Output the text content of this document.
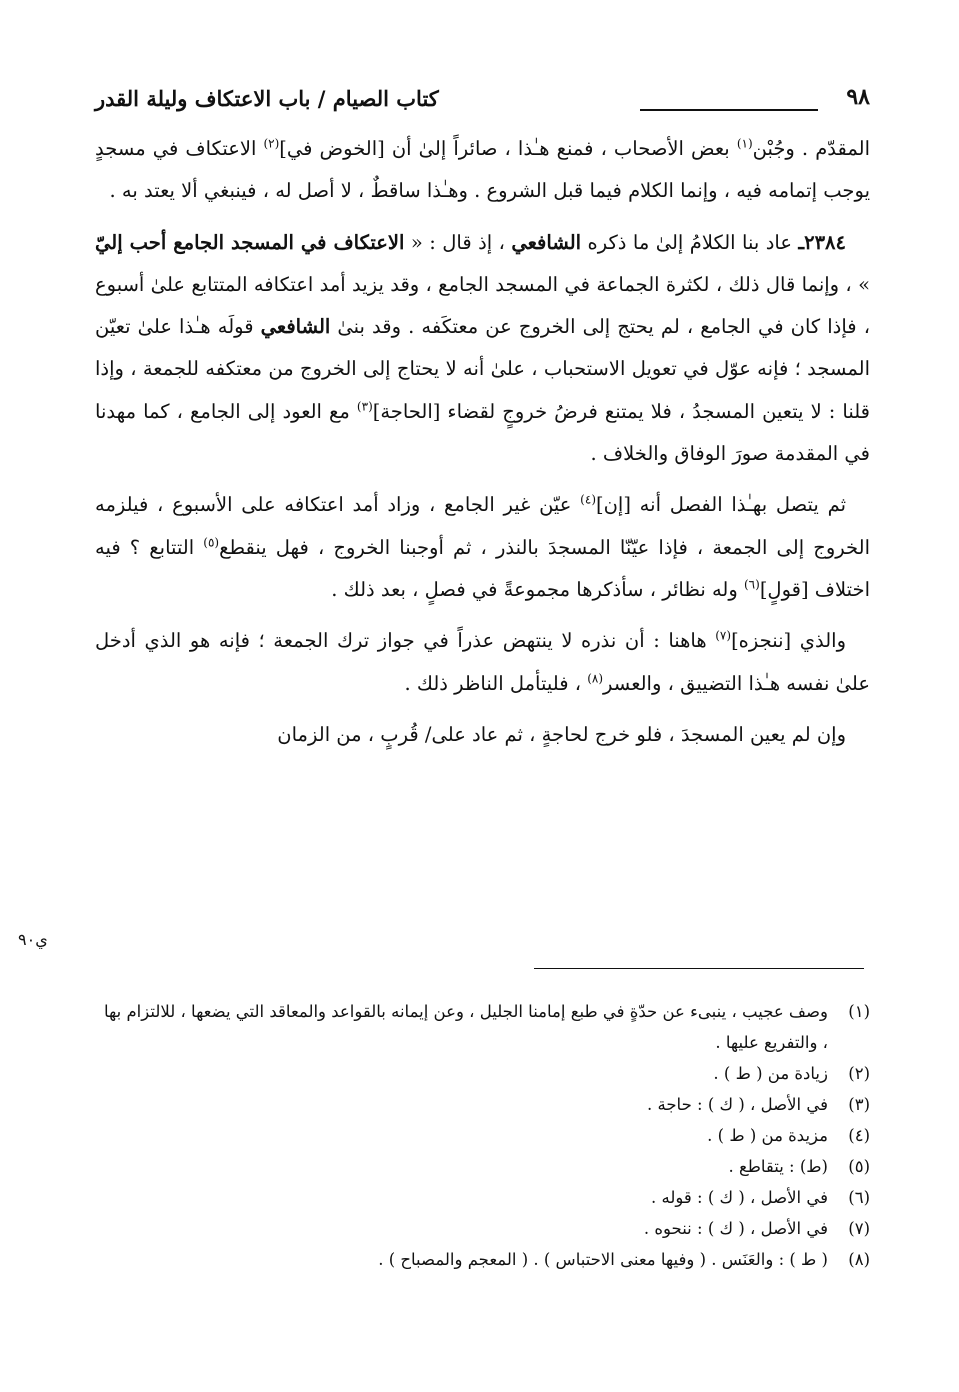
٩٨
كتاب الصيام / باب الاعتكاف وليلة القدر

المقدّم . وجُبْن$^{(١)}$ بعض الأصحاب ، فمنع هـٰذا ، صائراً إلىٰ أن [الخوض في]$^{(٢)}$ الاعتكاف في مسجدٍ يوجب إتمامه فيه ، وإنما الكلام فيما قبل الشروع . وهـٰذا ساقطٌ ، لا أصل له ، فينبغي ألا يعتد به .

٢٣٨٤ـ عاد بنا الكلامُ إلىٰ ما ذكره الشافعي ، إذ قال : « الاعتكاف في المسجد الجامع أحب إليّ » ، وإنما قال ذلك ، لكثرة الجماعة في المسجد الجامع ، وقد يزيد أمد اعتكافه المتتابع علىٰ أسبوع ، فإذا كان في الجامع ، لم يحتج إلى الخروج عن معتكَفه . وقد بنىٰ الشافعي قولَه هـٰذا علىٰ تعيّن المسجد ؛ فإنه عوّل في تعويل الاستحباب ، علىٰ أنه لا يحتاج إلى الخروج من معتكفه للجمعة ، وإذا قلنا : لا يتعين المسجدُ ، فلا يمتنع فرضُ خروجٍ لقضاء [الحاجة]$^{(٣)}$ مع العود إلى الجامع ، كما مهدنا في المقدمة صورَ الوفاق والخلاف .

ثم يتصل بهـٰذا الفصل أنه [إن]$^{(٤)}$ عيّن غير الجامع ، وزاد أمد اعتكافه على الأسبوع ، فيلزمه الخروج إلى الجمعة ، فإذا عيّنّا المسجدَ بالنذر ، ثم أوجبنا الخروج ، فهل ينقطع$^{(٥)}$ التتابع ؟ فيه اختلاف [قولٍ]$^{(٦)}$ وله نظائر ، سأذكرها مجموعةً في فصلٍ ، بعد ذلك .

والذي [ننجزه]$^{(٧)}$ هاهنا : أن نذره لا ينتهض عذراً في جواز ترك الجمعة ؛ فإنه هو الذي أدخل علىٰ نفسه هـٰذا التضييق ، والعسر$^{(٨)}$ ، فليتأمل الناظر ذلك .

وإن لم يعين المسجدَ ، فلو خرج لحاجةٍ ، ثم عاد على/ قُربٍ ، من الزمان

ي٩٠

(١)
وصف عجيب ، ينبىء عن حدّةٍ في طبع إمامنا الجليل ، وعن إيمانه بالقواعد والمعاقد التي يضعها ، للالتزام بها ، والتفريع عليها .

(٢)
زيادة من ( ط ) .

(٣)
في الأصل ، ( ك ) : حاجة .

(٤)
مزيدة من ( ط ) .

(٥)
(ط) : يتقاطع .

(٦)
في الأصل ، ( ك ) : قوله .

(٧)
في الأصل ، ( ك ) : ننحوه .

(٨)
( ط ) : والعَنَس . ( وفيها معنى الاحتباس ) . ( المعجم والمصباح ) .
